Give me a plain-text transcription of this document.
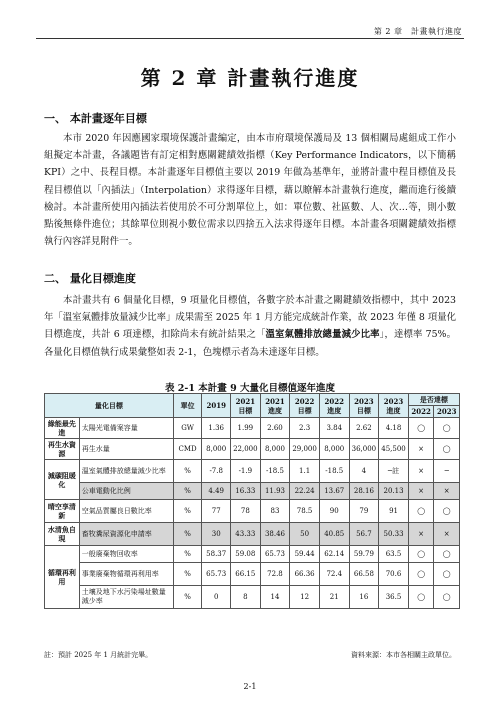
第 2 章　計畫執行進度
第 2 章 計畫執行進度
一、 本計畫逐年目標

本市 2020 年因應國家環境保護計畫編定，由本市府環境保護局及 13 個相關局處組成工作小組擬定本計畫，各議題皆有訂定相對應關鍵績效指標（Key Performance Indicators，以下簡稱 KPI）之中、長程目標。本計畫逐年目標值主要以 2019 年做為基準年，並將計畫中程目標值及長程目標值以「內插法」（Interpolation）求得逐年目標，藉以瞭解本計畫執行進度，繼而進行後續檢討。本計畫所使用內插法若使用於不可分割單位上，如：單位數、社區數、人、次…等，則小數點後無條件進位；其餘單位則視小數位需求以四捨五入法求得逐年目標。本計畫各項關鍵績效指標執行內容詳見附件一。

二、 量化目標進度

本計畫共有 6 個量化目標，9 項量化目標值，各數字於本計畫之關鍵績效指標中，其中 2023 年「溫室氣體排放量減少比率」成果需至 2025 年 1 月方能完成統計作業，故 2023 年僅 8 項量化目標進度，共計 6 項達標，扣除尚未有統計結果之「溫室氣體排放總量減少比率」，達標率 75%。各量化目標值執行成果彙整如表 2-1，色塊標示者為未達逐年目標。

表 2-1 本計畫 9 大量化目標值逐年進度
量化目標		單位	2019	2021目標	2021進度	2022目標	2022進度	2023目標	2023進度	是否達標	
										2022	2023
綠能最先進	太陽光電備案容量	GW	1.36	1.99	2.60	2.3	3.84	2.62	4.18	◯	◯
再生水資源	再生水量	CMD	8,000	22,000	8,000	29,000	8,000	36,000	45,500	×	◯
減碳阻暖化	溫室氣體排放總量減少比率	%	-7.8	-1.9	-18.5	1.1	-18.5	4	─註	×	─
	公車電動化比例	%	4.49	16.33	11.93	22.24	13.67	28.16	20.13	×	×
晴空享清新	空氣品質屬良日數比率	%	77	78	83	78.5	90	79	91	◯	◯
水清魚自現	畜牧糞尿資源化申請率	%	30	43.33	38.46	50	40.85	56.7	50.33	×	×
循環再利用	一般廢棄物回收率	%	58.37	59.08	65.73	59.44	62.14	59.79	63.5	◯	◯
	事業廢棄物循環再利用率	%	65.73	66.15	72.8	66.36	72.4	66.58	70.6	◯	◯
	土壤及地下水污染場址數量減少率	%	0	8	14	12	21	16	36.5	◯	◯
註：預計 2025 年 1 月統計完畢。	資料來源：本市各相關主政單位。
2-1
